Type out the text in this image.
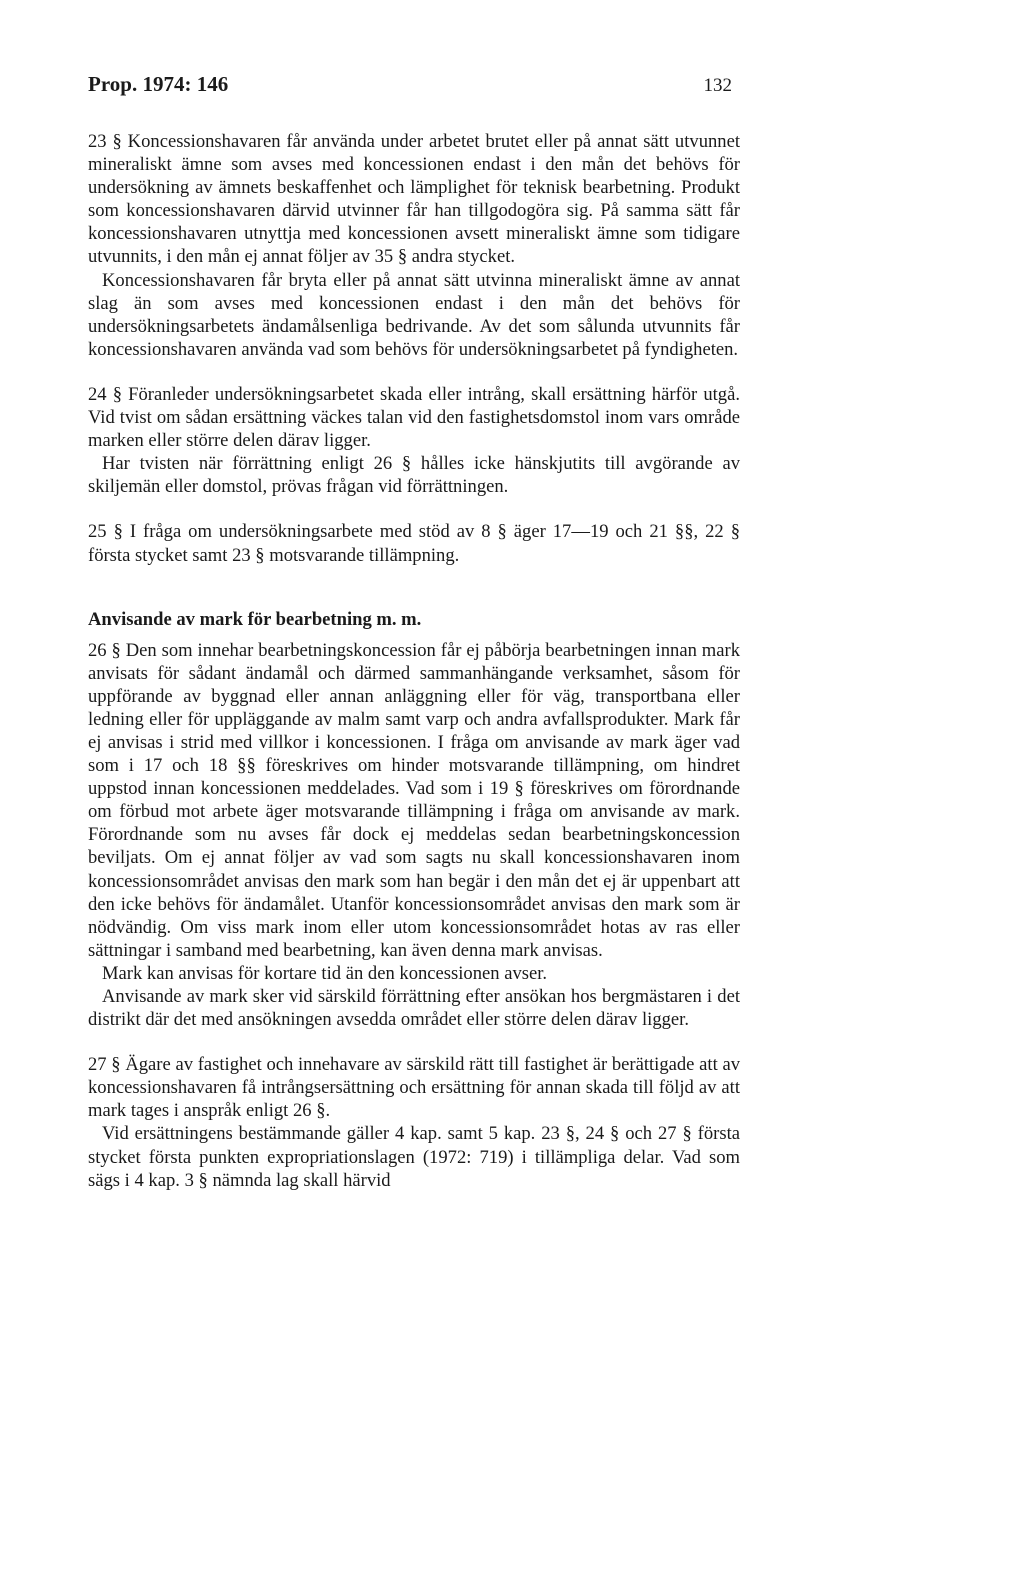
Prop. 1974: 146	132

23 § Koncessionshavaren får använda under arbetet brutet eller på annat sätt utvunnet mineraliskt ämne som avses med koncessionen endast i den mån det behövs för undersökning av ämnets beskaffenhet och lämplighet för teknisk bearbetning. Produkt som koncessionshavaren därvid utvinner får han tillgodogöra sig. På samma sätt får koncessionshavaren utnyttja med koncessionen avsett mineraliskt ämne som tidigare utvunnits, i den mån ej annat följer av 35 § andra stycket.

Koncessionshavaren får bryta eller på annat sätt utvinna mineraliskt ämne av annat slag än som avses med koncessionen endast i den mån det behövs för undersökningsarbetets ändamålsenliga bedrivande. Av det som sålunda utvunnits får koncessionshavaren använda vad som behövs för undersökningsarbetet på fyndigheten.

24 § Föranleder undersökningsarbetet skada eller intrång, skall ersättning härför utgå. Vid tvist om sådan ersättning väckes talan vid den fastighetsdomstol inom vars område marken eller större delen därav ligger.

Har tvisten när förrättning enligt 26 § hålles icke hänskjutits till avgörande av skiljemän eller domstol, prövas frågan vid förrättningen.

25 § I fråga om undersökningsarbete med stöd av 8 § äger 17—19 och 21 §§, 22 § första stycket samt 23 § motsvarande tillämpning.

Anvisande av mark för bearbetning m. m.

26 § Den som innehar bearbetningskoncession får ej påbörja bearbetningen innan mark anvisats för sådant ändamål och därmed sammanhängande verksamhet, såsom för uppförande av byggnad eller annan anläggning eller för väg, transportbana eller ledning eller för uppläggande av malm samt varp och andra avfallsprodukter. Mark får ej anvisas i strid med villkor i koncessionen. I fråga om anvisande av mark äger vad som i 17 och 18 §§ föreskrives om hinder motsvarande tillämpning, om hindret uppstod innan koncessionen meddelades. Vad som i 19 § föreskrives om förordnande om förbud mot arbete äger motsvarande tillämpning i fråga om anvisande av mark. Förordnande som nu avses får dock ej meddelas sedan bearbetningskoncession beviljats. Om ej annat följer av vad som sagts nu skall koncessionshavaren inom koncessionsområdet anvisas den mark som han begär i den mån det ej är uppenbart att den icke behövs för ändamålet. Utanför koncessionsområdet anvisas den mark som är nödvändig. Om viss mark inom eller utom koncessionsområdet hotas av ras eller sättningar i samband med bearbetning, kan även denna mark anvisas.

Mark kan anvisas för kortare tid än den koncessionen avser.

Anvisande av mark sker vid särskild förrättning efter ansökan hos bergmästaren i det distrikt där det med ansökningen avsedda området eller större delen därav ligger.

27 § Ägare av fastighet och innehavare av särskild rätt till fastighet är berättigade att av koncessionshavaren få intrångsersättning och ersättning för annan skada till följd av att mark tages i anspråk enligt 26 §.

Vid ersättningens bestämmande gäller 4 kap. samt 5 kap. 23 §, 24 § och 27 § första stycket första punkten expropriationslagen (1972: 719) i tillämpliga delar. Vad som sägs i 4 kap. 3 § nämnda lag skall härvid
